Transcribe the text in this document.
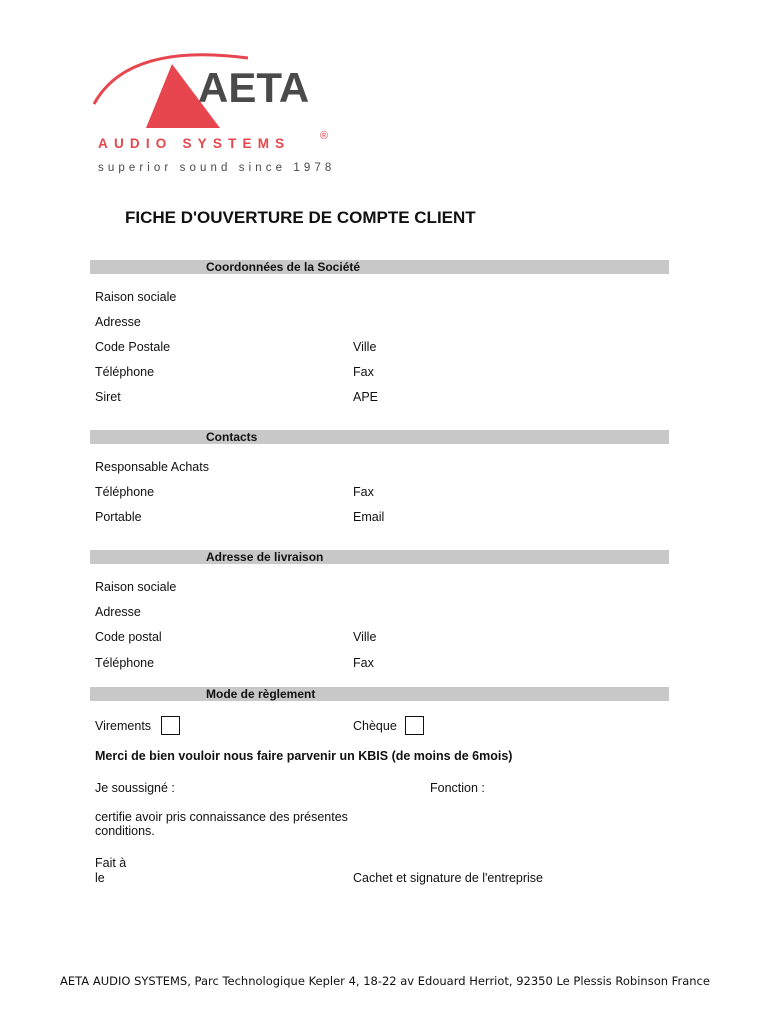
AETA
AUDIO SYSTEMS	®
superior sound since 1978
FICHE D'OUVERTURE DE COMPTE CLIENT
Coordonnées de la Société
Raison sociale
Adresse
Code Postale	Ville
Téléphone	Fax
Siret	APE
Contacts
Responsable Achats
Téléphone	Fax
Portable	Email
Adresse de livraison
Raison sociale
Adresse
Code postal	Ville
Téléphone	Fax
Mode de règlement
Virements	Chèque
Merci de bien vouloir nous faire parvenir un KBIS (de moins de 6mois)
Je soussigné :	Fonction :
certifie avoir pris connaissance des présentes
conditions.
Fait à
le	Cachet et signature de l'entreprise
AETA AUDIO SYSTEMS, Parc Technologique Kepler 4, 18-22 av Edouard Herriot, 92350 Le Plessis Robinson France
